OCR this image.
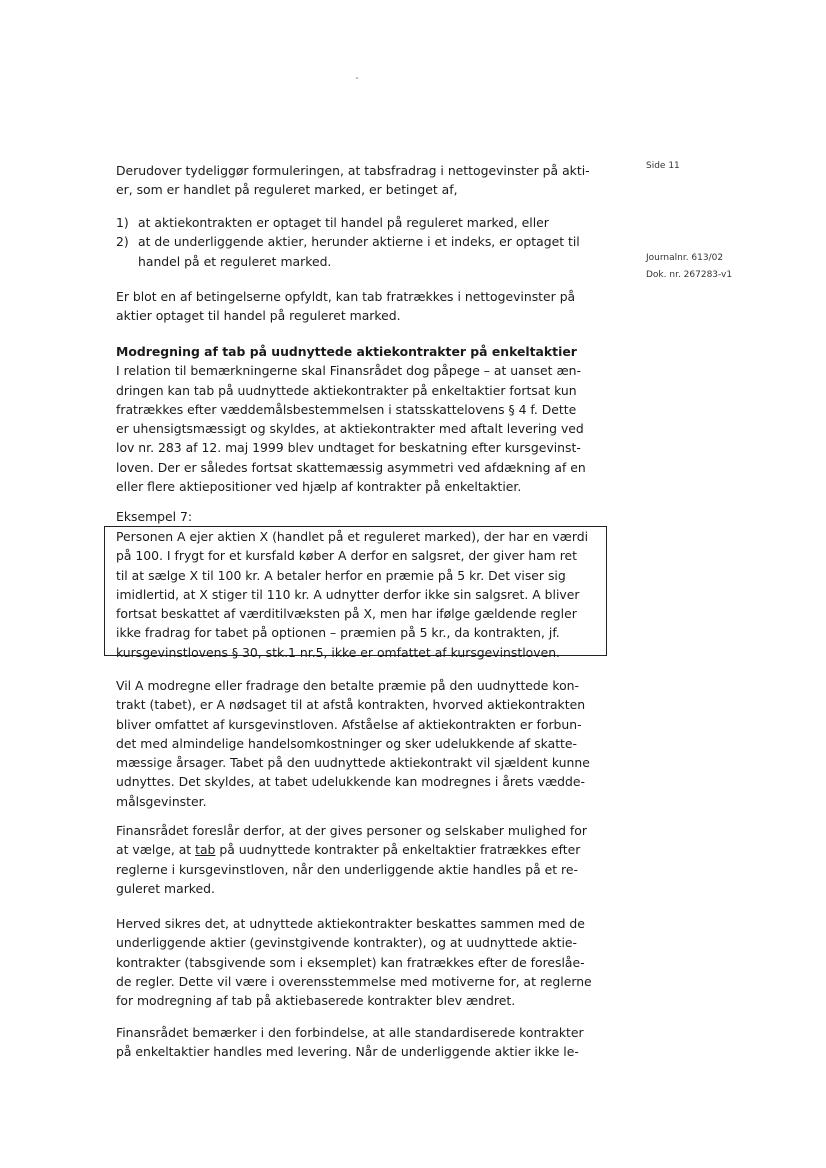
Side 11
Journalnr. 613/02
Dok. nr. 267283-v1
Derudover tydeliggør formuleringen, at tabsfradrag i nettogevinster på akti-
er, som er handlet på reguleret marked, er betinget af,
1) at aktiekontrakten er optaget til handel på reguleret marked, eller
2) at de underliggende aktier, herunder aktierne i et indeks, er optaget til
handel på et reguleret marked.
Er blot en af betingelserne opfyldt, kan tab fratrækkes i nettogevinster på
aktier optaget til handel på reguleret marked.
Modregning af tab på uudnyttede aktiekontrakter på enkeltaktier
I relation til bemærkningerne skal Finansrådet dog påpege – at uanset æn-
dringen kan tab på uudnyttede aktiekontrakter på enkeltaktier fortsat kun
fratrækkes efter væddemålsbestemmelsen i statsskattelovens § 4 f. Dette
er uhensigtsmæssigt og skyldes, at aktiekontrakter med aftalt levering ved
lov nr. 283 af 12. maj 1999 blev undtaget for beskatning efter kursgevinst-
loven. Der er således fortsat skattemæssig asymmetri ved afdækning af en
eller flere aktiepositioner ved hjælp af kontrakter på enkeltaktier.
Eksempel 7:
Personen A ejer aktien X (handlet på et reguleret marked), der har en værdi
på 100. I frygt for et kursfald køber A derfor en salgsret, der giver ham ret
til at sælge X til 100 kr. A betaler herfor en præmie på 5 kr. Det viser sig
imidlertid, at X stiger til 110 kr. A udnytter derfor ikke sin salgsret. A bliver
fortsat beskattet af værditilvæksten på X, men har ifølge gældende regler
ikke fradrag for tabet på optionen – præmien på 5 kr., da kontrakten, jf.
kursgevinstlovens § 30, stk.1 nr.5, ikke er omfattet af kursgevinstloven.
Vil A modregne eller fradrage den betalte præmie på den uudnyttede kon-
trakt (tabet), er A nødsaget til at afstå kontrakten, hvorved aktiekontrakten
bliver omfattet af kursgevinstloven. Afståelse af aktiekontrakten er forbun-
det med almindelige handelsomkostninger og sker udelukkende af skatte-
mæssige årsager. Tabet på den uudnyttede aktiekontrakt vil sjældent kunne
udnyttes. Det skyldes, at tabet udelukkende kan modregnes i årets vædde-
målsgevinster.
Finansrådet foreslår derfor, at der gives personer og selskaber mulighed for
at vælge, at tab på uudnyttede kontrakter på enkeltaktier fratrækkes efter
reglerne i kursgevinstloven, når den underliggende aktie handles på et re-
guleret marked.
Herved sikres det, at udnyttede aktiekontrakter beskattes sammen med de
underliggende aktier (gevinstgivende kontrakter), og at uudnyttede aktie-
kontrakter (tabsgivende som i eksemplet) kan fratrækkes efter de foreslåe-
de regler. Dette vil være i overensstemmelse med motiverne for, at reglerne
for modregning af tab på aktiebaserede kontrakter blev ændret.
Finansrådet bemærker i den forbindelse, at alle standardiserede kontrakter
på enkeltaktier handles med levering. Når de underliggende aktier ikke le-
